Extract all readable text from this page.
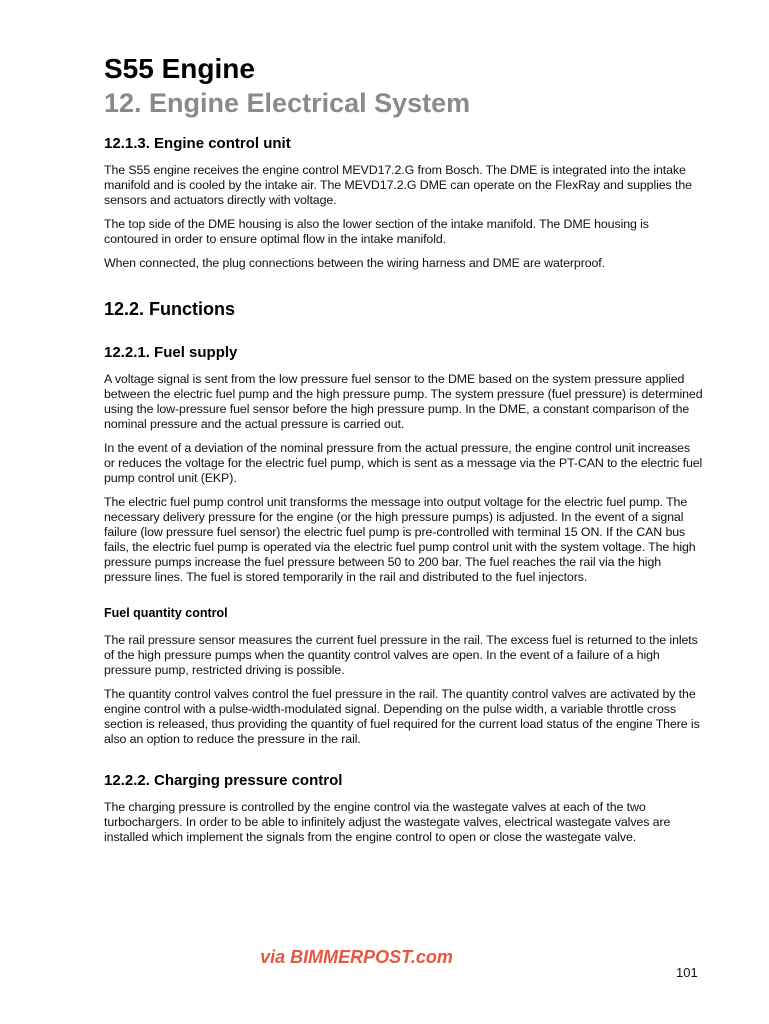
S55 Engine
12. Engine Electrical System
12.1.3. Engine control unit

The S55 engine receives the engine control MEVD17.2.G from Bosch. The DME is integrated into the intake manifold and is cooled by the intake air. The MEVD17.2.G DME can operate on the FlexRay and supplies the sensors and actuators directly with voltage.

The top side of the DME housing is also the lower section of the intake manifold. The DME housing is contoured in order to ensure optimal flow in the intake manifold.

When connected, the plug connections between the wiring harness and DME are waterproof.

12.2. Functions
12.2.1. Fuel supply

A voltage signal is sent from the low pressure fuel sensor to the DME based on the system pressure applied between the electric fuel pump and the high pressure pump. The system pressure (fuel pressure) is determined using the low-pressure fuel sensor before the high pressure pump. In the DME, a constant comparison of the nominal pressure and the actual pressure is carried out.

In the event of a deviation of the nominal pressure from the actual pressure, the engine control unit increases or reduces the voltage for the electric fuel pump, which is sent as a message via the PT-CAN to the electric fuel pump control unit (EKP).

The electric fuel pump control unit transforms the message into output voltage for the electric fuel pump. The necessary delivery pressure for the engine (or the high pressure pumps) is adjusted. In the event of a signal failure (low pressure fuel sensor) the electric fuel pump is pre-controlled with terminal 15 ON. If the CAN bus fails, the electric fuel pump is operated via the electric fuel pump control unit with the system voltage. The high pressure pumps increase the fuel pressure between 50 to 200 bar. The fuel reaches the rail via the high pressure lines. The fuel is stored temporarily in the rail and distributed to the fuel injectors.

Fuel quantity control

The rail pressure sensor measures the current fuel pressure in the rail. The excess fuel is returned to the inlets of the high pressure pumps when the quantity control valves are open. In the event of a failure of a high pressure pump, restricted driving is possible.

The quantity control valves control the fuel pressure in the rail. The quantity control valves are activated by the engine control with a pulse-width-modulated signal. Depending on the pulse width, a variable throttle cross section is released, thus providing the quantity of fuel required for the current load status of the engine There is also an option to reduce the pressure in the rail.

12.2.2. Charging pressure control

The charging pressure is controlled by the engine control via the wastegate valves at each of the two turbochargers. In order to be able to infinitely adjust the wastegate valves, electrical wastegate valves are installed which implement the signals from the engine control to open or close the wastegate valve.

via BIMMERPOST.com
101
